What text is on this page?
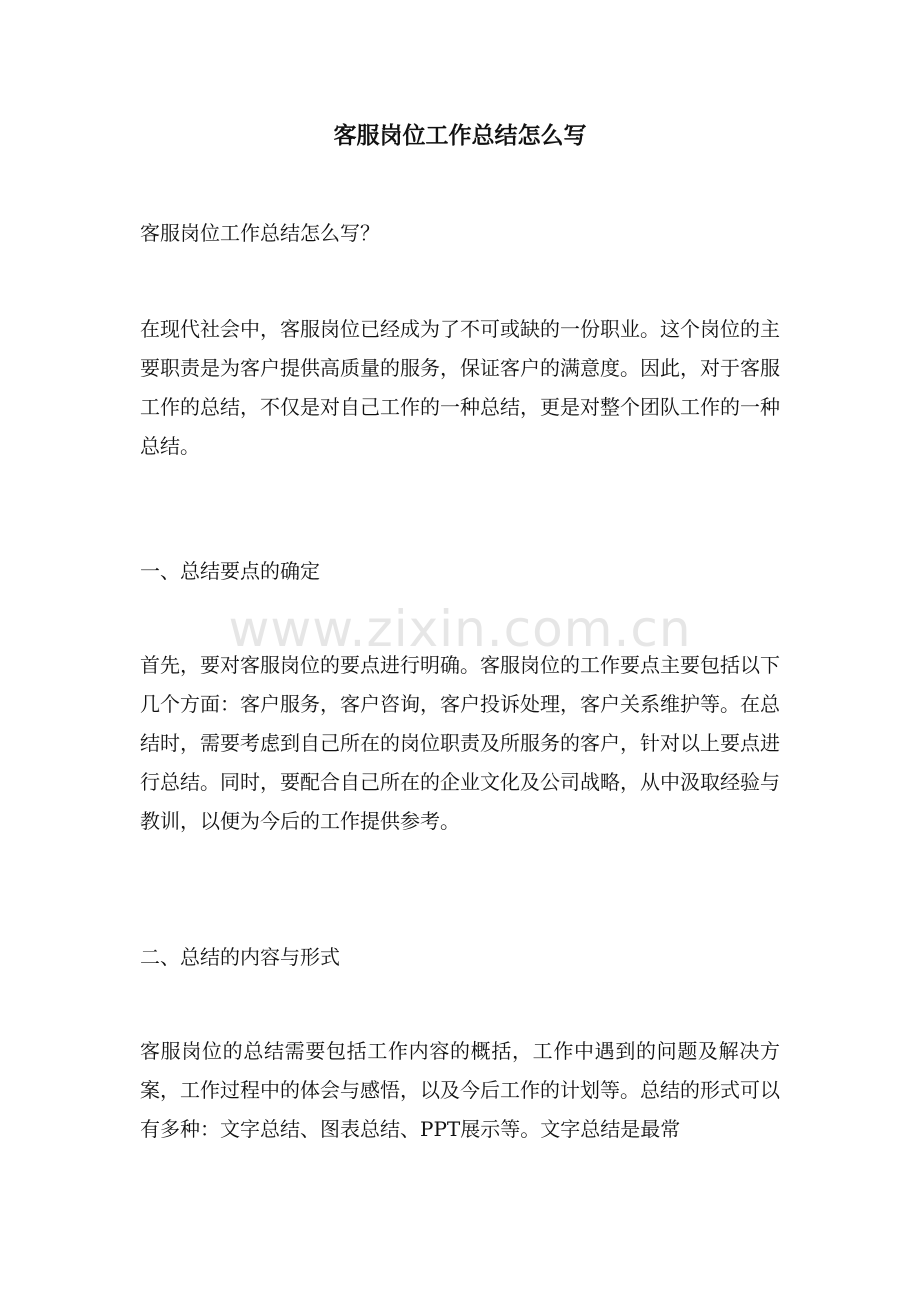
客服岗位工作总结怎么写

客服岗位工作总结怎么写？

在现代社会中，客服岗位已经成为了不可或缺的一份职业。这个岗位的主要职责是为客户提供高质量的服务，保证客户的满意度。因此，对于客服工作的总结，不仅是对自己工作的一种总结，更是对整个团队工作的一种总结。

一、总结要点的确定

首先，要对客服岗位的要点进行明确。客服岗位的工作要点主要包括以下几个方面：客户服务，客户咨询，客户投诉处理，客户关系维护等。在总结时，需要考虑到自己所在的岗位职责及所服务的客户，针对以上要点进行总结。同时，要配合自己所在的企业文化及公司战略，从中汲取经验与教训，以便为今后的工作提供参考。

二、总结的内容与形式

客服岗位的总结需要包括工作内容的概括，工作中遇到的问题及解决方案，工作过程中的体会与感悟，以及今后工作的计划等。总结的形式可以有多种：文字总结、图表总结、PPT展示等。文字总结是最常

www.zixin.com.cn
